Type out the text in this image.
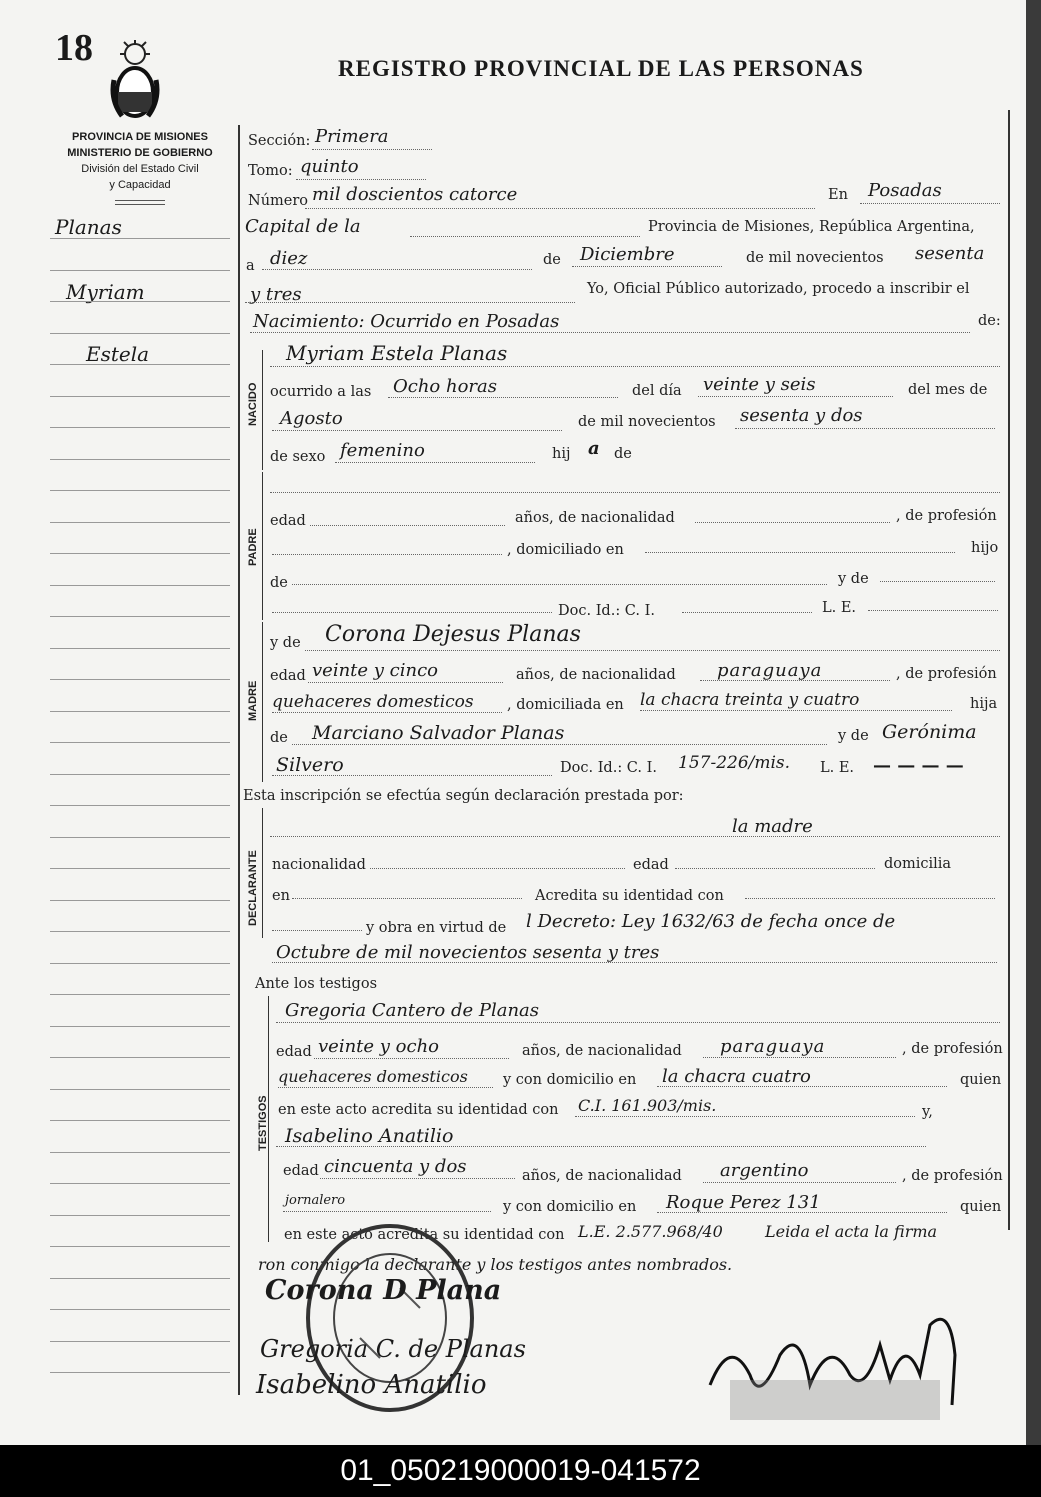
18	REGISTRO PROVINCIAL DE LAS PERSONAS
PROVINCIA DE MISIONES
MINISTERIO DE GOBIERNO
División del Estado Civil
y Capacidad
Planas
Myriam
Estela
Sección: Primera
Tomo: quinto
Número mil doscientos catorce	En Posadas
Capital de la	Provincia de Misiones, República Argentina,
a diez	de Diciembre	de mil novecientos sesenta
y tres	Yo, Oficial Público autorizado, procedo a inscribir el
Nacimiento: Ocurrido en Posadas	de:
NACIDO
Myriam Estela Planas
ocurrido a las Ocho horas	del día veinte y seis	del mes de
Agosto	de mil novecientos sesenta y dos
de sexo femenino	hij a de
PADRE
edad	años, de nacionalidad	, de profesión
, domiciliado en	hijo
de	y de
Doc. Id.: C. I.	L. E.
MADRE
y de Corona Dejesus Planas
edad veinte y cinco	años, de nacionalidad paraguaya	, de profesión
quehaceres domesticos , domiciliada en la chacra treinta y cuatro	hija
de Marciano Salvador Planas	y de Gerónima
Silvero	Doc. Id.: C. I. 157-226/mis. L. E. — — — —
Esta inscripción se efectúa según declaración prestada por:
DECLARANTE
la madre
nacionalidad	edad	domicilia
en	Acredita su identidad con
y obra en virtud de l Decreto: Ley 1632/63 de fecha once de
Octubre de mil novecientos sesenta y tres
Ante los testigos
TESTIGOS
Gregoria Cantero de Planas
edad veinte y ocho	años, de nacionalidad paraguaya	, de profesión
quehaceres domesticos y con domicilio en la chacra cuatro	quien
en este acto acredita su identidad con C.I. 161.903/mis.	y,
Isabelino Anatilio
edad cincuenta y dos	años, de nacionalidad argentino	, de profesión
jornalero	y con domicilio en Roque Perez 131	quien
en este acto acredita su identidad con L.E. 2.577.968/40	Leida el acta la firma
ron conmigo la declarante y los testigos antes nombrados.
Corona D Plana
Gregoria C. de Planas
Isabelino Anatilio
01_050219000019-041572
